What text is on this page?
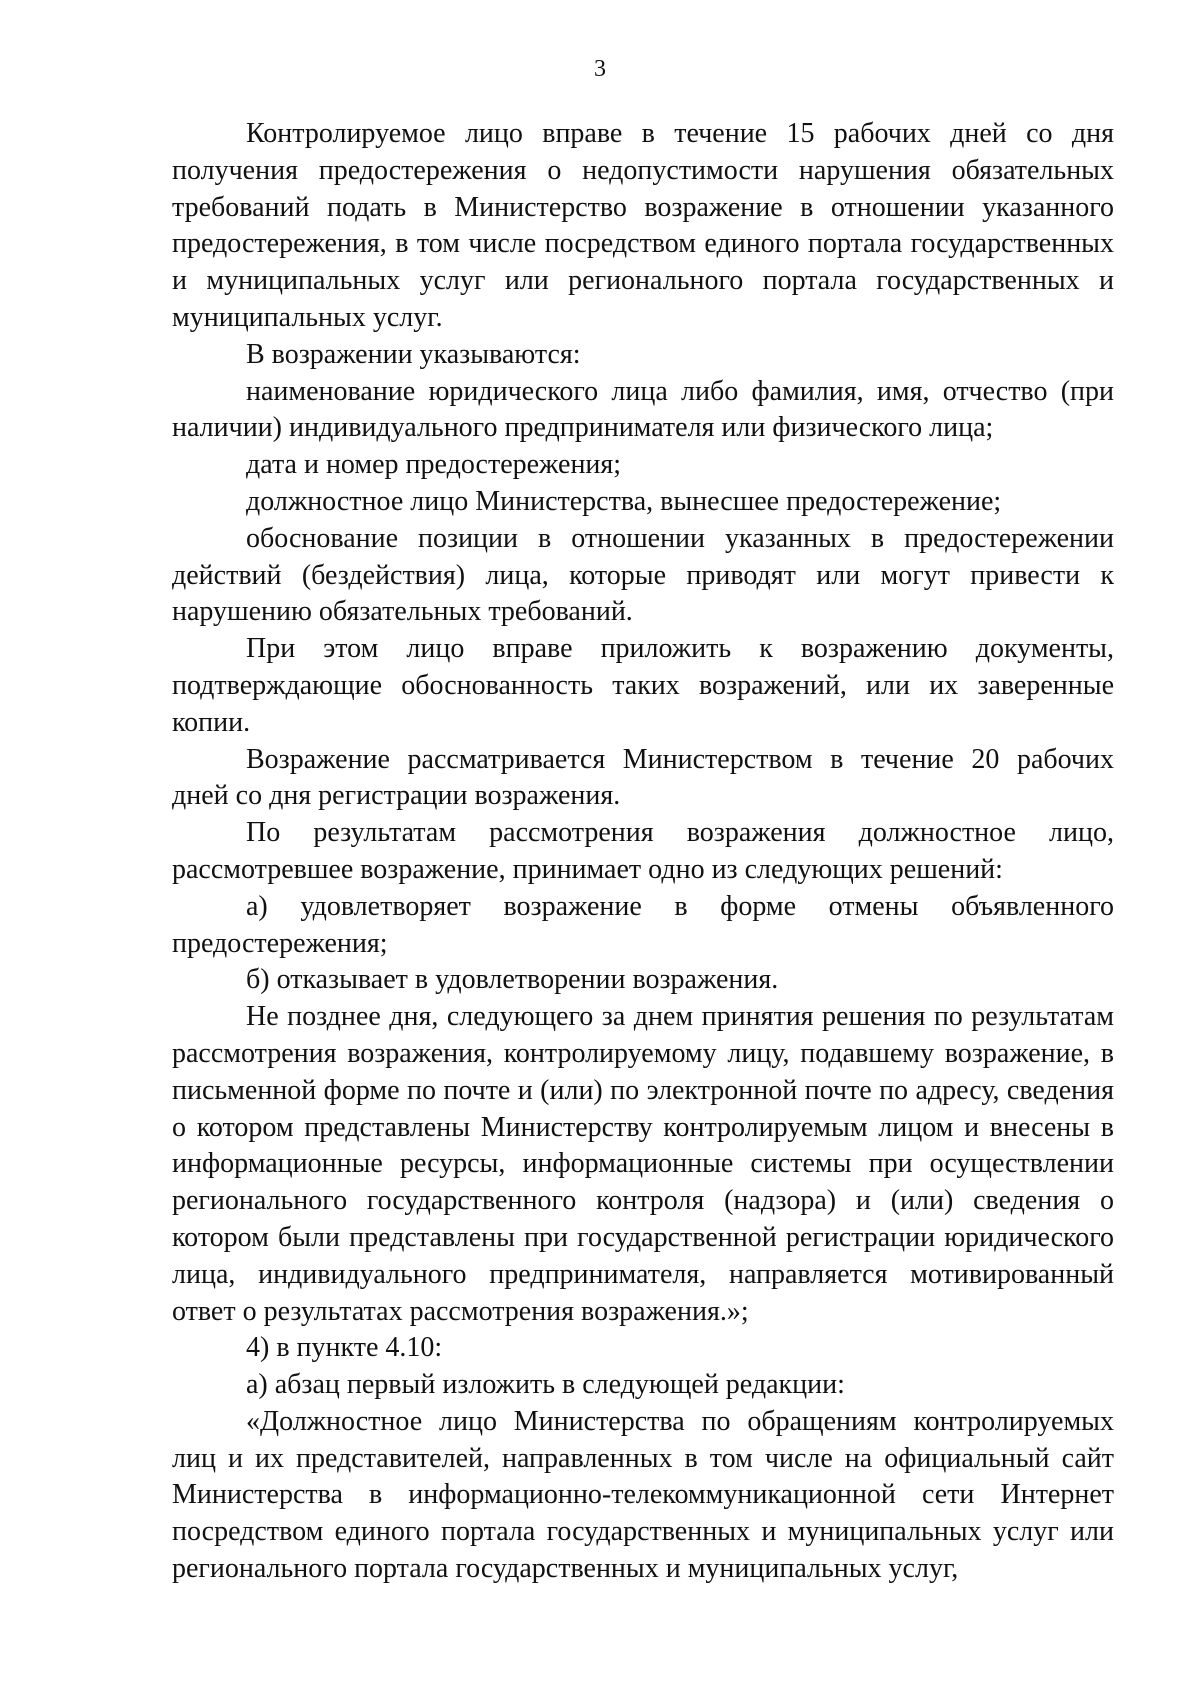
3

Контролируемое лицо вправе в течение 15 рабочих дней со дня получения предостережения о недопустимости нарушения обязательных требований подать в Министерство возражение в отношении указанного предостережения, в том числе посредством единого портала государственных и муниципальных услуг или регионального портала государственных и муниципальных услуг.

В возражении указываются:

наименование юридического лица либо фамилия, имя, отчество (при наличии) индивидуального предпринимателя или физического лица;

дата и номер предостережения;

должностное лицо Министерства, вынесшее предостережение;

обоснование позиции в отношении указанных в предостережении действий (бездействия) лица, которые приводят или могут привести к нарушению обязательных требований.

При этом лицо вправе приложить к возражению документы, подтверждающие обоснованность таких возражений, или их заверенные копии.

Возражение рассматривается Министерством в течение 20 рабочих дней со дня регистрации возражения.

По результатам рассмотрения возражения должностное лицо, рассмотревшее возражение, принимает одно из следующих решений:

а) удовлетворяет возражение в форме отмены объявленного предостережения;

б) отказывает в удовлетворении возражения.

Не позднее дня, следующего за днем принятия решения по результатам рассмотрения возражения, контролируемому лицу, подавшему возражение, в письменной форме по почте и (или) по электронной почте по адресу, сведения о котором представлены Министерству контролируемым лицом и внесены в информационные ресурсы, информационные системы при осуществлении регионального государственного контроля (надзора) и (или) сведения о котором были представлены при государственной регистрации юридического лица, индивидуального предпринимателя, направляется мотивированный ответ о результатах рассмотрения возражения.»;

4) в пункте 4.10:

а) абзац первый изложить в следующей редакции:

«Должностное лицо Министерства по обращениям контролируемых лиц и их представителей, направленных в том числе на официальный сайт Министерства в информационно-телекоммуникационной сети Интернет посредством единого портала государственных и муниципальных услуг или регионального портала государственных и муниципальных услуг,
